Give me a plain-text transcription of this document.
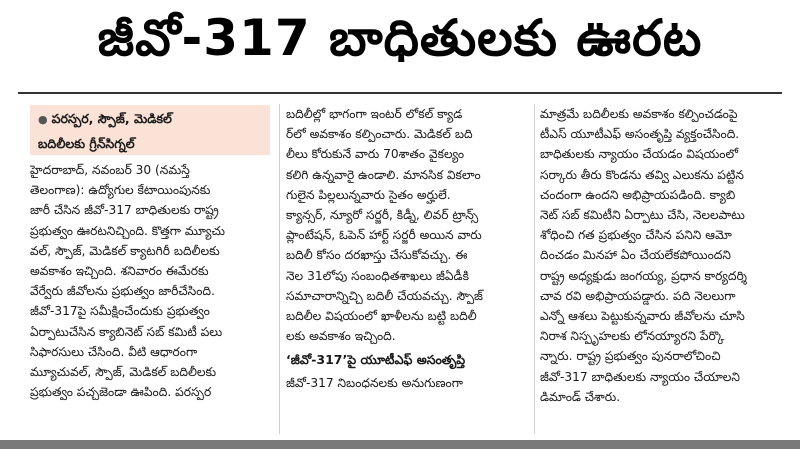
జీవో-317 బాధితులకు ఊరట
● పరస్పర, స్పౌజ్, మెడికల్
బదిలీలకు గ్రీన్‌సిగ్నల్
హైదరాబాద్, నవంబర్ 30 (నమస్తే
తెలంగాణ): ఉద్యోగుల కేటాయింపునకు
జారీ చేసిన జీవో-317 బాధితులకు రాష్ట్ర
ప్రభుత్వం ఊరటనిచ్చింది. కొత్తగా మ్యూచు
వల్, స్పౌజ్, మెడికల్ క్యాటగిరీ బదిలీలకు
అవకాశం ఇచ్చింది. శనివారం ఈమేరకు
వేర్వేరు జీవోలను ప్రభుత్వం జారీచేసింది.
జీవో-317పై సమీక్షించేందుకు ప్రభుత్వం
ఏర్పాటుచేసిన క్యాబినెట్ సబ్ కమిటీ పలు
సిఫారసులు చేసింది. వీటి ఆధారంగా
మ్యూచువల్, స్పౌజ్, మెడికల్ బదిలీలకు
ప్రభుత్వం పచ్చజెండా ఊపింది. పరస్పర
బదిలీల్లో భాగంగా ఇంటర్ లోకల్ క్యాడ
ర్‌లో అవకాశం కల్పించారు. మెడికల్ బది
లీలు కోరుకునే వారు 70శాతం వైకల్యం
కలిగి ఉన్నవారై ఉండాలి. మానసిక వికలాం
గులైన పిల్లలున్నవారు సైతం అర్హులే.
క్యాన్సర్, న్యూరో సర్జరీ, కిడ్నీ, లివర్ ట్రాన్స్
ప్లాంటేషన్, ఓపెన్ హార్ట్ సర్జరీ అయిన వారు
బదిలీ కోసం దరఖాస్తు చేసుకోవచ్చు. ఈ
నెల 31లోపు సంబంధితశాఖలు జీఏడీకి
సమాచారాన్నిచ్చి బదిలీ చేయవచ్చు. స్పౌజ్
బదిలీల విషయంలో ఖాళీలను బట్టి బదిలీ
లకు అవకాశం ఇచ్చింది.
‘జీవో-317’పై యూటీఎఫ్ అసంతృప్తి
జీవో-317 నిబంధనలకు అనుగుణంగా
మాత్రమే బదిలీలకు అవకాశం కల్పించడంపై
టీఎస్ యూటీఎఫ్ అసంతృప్తి వ్యక్తంచేసింది.
బాధితులకు న్యాయం చేయడం విషయంలో
సర్కారు తీరు కొండను తవ్వి ఎలుకను పట్టిన
చందంగా ఉందని అభిప్రాయపడింది. క్యాబి
నెట్ సబ్ కమిటీని ఏర్పాటు చేసి, నెలలపాటు
శోధించి గత ప్రభుత్వం చేసిన పనిని ఆమో
దించడం మినహా ఏం చేయలేకపోయిందని
రాష్ట్ర అధ్యక్షుడు జంగయ్య, ప్రధాన కార్యదర్శి
చావ రవి అభిప్రాయపడ్డారు. పది నెలలుగా
ఎన్నో ఆశలు పెట్టుకున్నవారు జీవోలను చూసి
నిరాశ నిస్పృహలకు లోనయ్యారని పేర్కొ
న్నారు. రాష్ట్ర ప్రభుత్వం పునరాలోచించి
జీవో-317 బాధితులకు న్యాయం చేయాలని
డిమాండ్ చేశారు.
